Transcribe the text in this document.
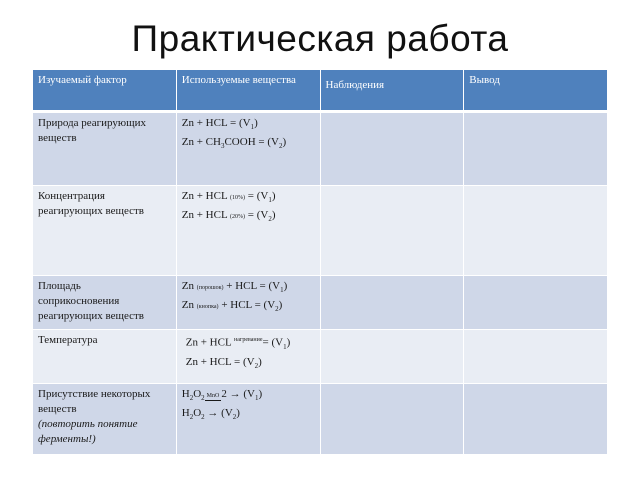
Практическая работа
Изучаемый фактор	Используемые вещества	Наблюдения	Вывод

Природа реагирующих
веществ	Zn + HCL = $(V_1)$
$Zn + CH_3COOH = (V_2)$		

Концентрация
реагирующих веществ	Zn + HCL $(10\%) = (V_1)$
Zn + HCL $(20\%) = (V_2)$		

Площадь
соприкосновения
реагирующих веществ	Zn (порошок) + HCL = $(V_1)$
Zn (кнопка) + HCL = $(V_2)$		

Температура	Zn + HCL $^{нагревание}= (V_1)$
Zn + HCL = $(V_2)$		

Присутствие некоторых
веществ
(повторить понятие
ферменты!)	$H_2O_2$ MnO $2 \to (V_1)$
$H_2O_2 \to (V_2)$		
